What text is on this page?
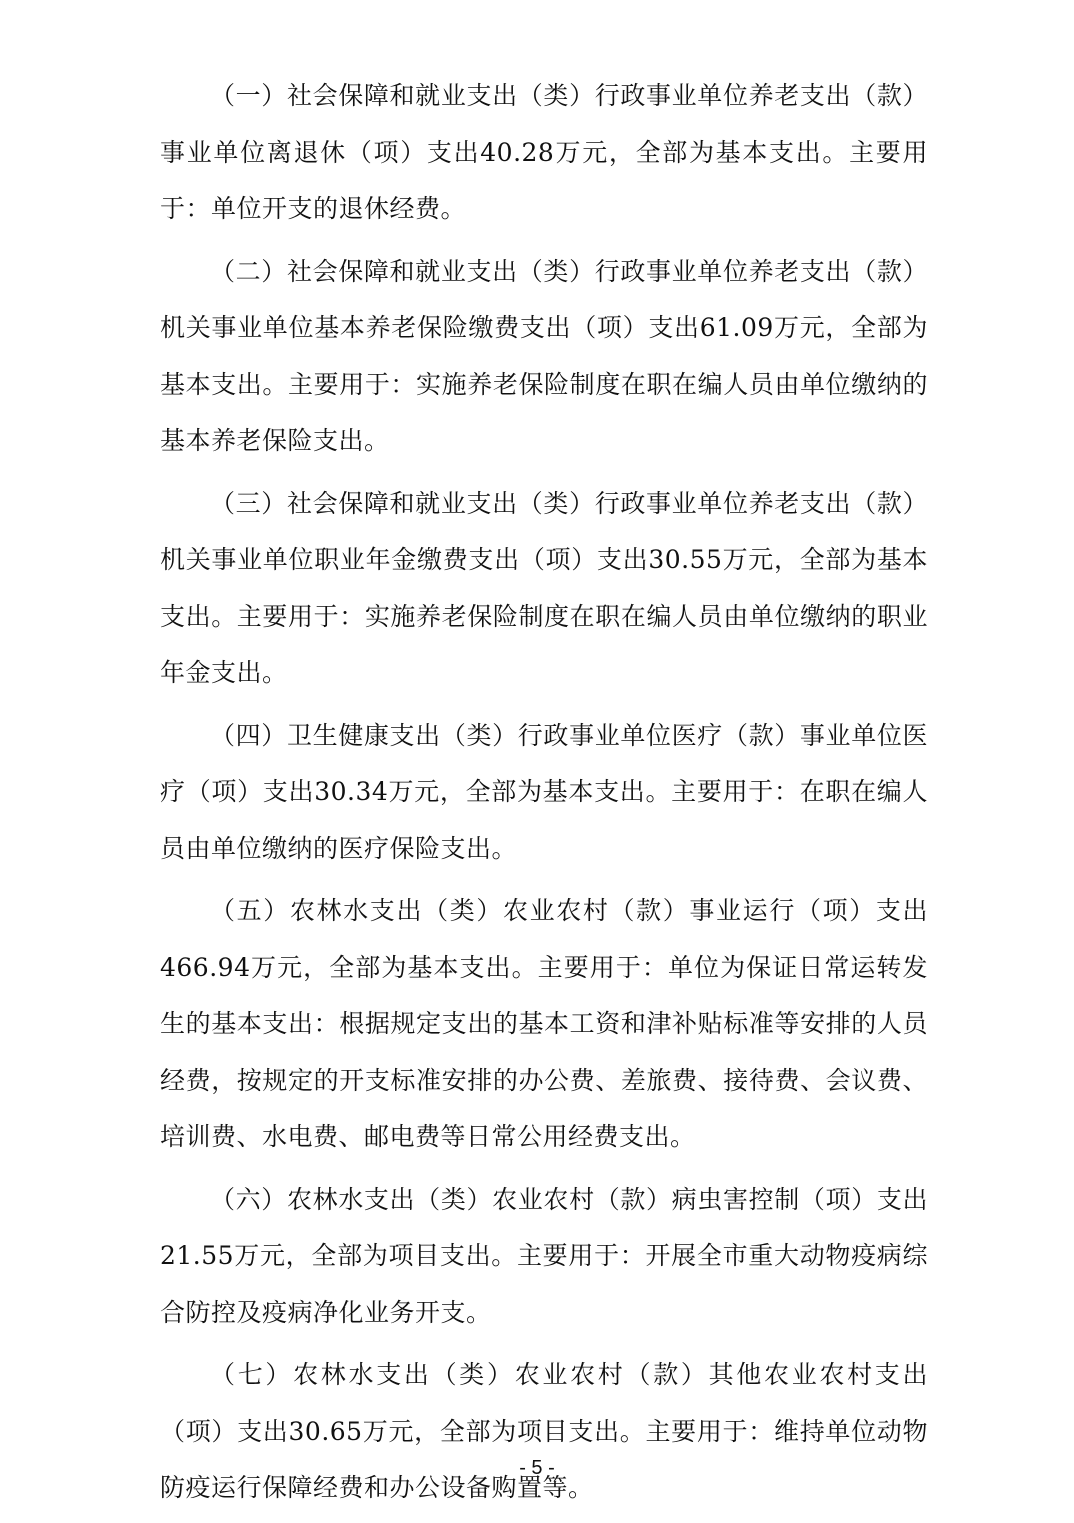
（一）社会保障和就业支出（类）行政事业单位养老支出（款）事业单位离退休（项）支出40.28万元，全部为基本支出。主要用于：单位开支的退休经费。

（二）社会保障和就业支出（类）行政事业单位养老支出（款）机关事业单位基本养老保险缴费支出（项）支出61.09万元，全部为基本支出。主要用于：实施养老保险制度在职在编人员由单位缴纳的基本养老保险支出。

（三）社会保障和就业支出（类）行政事业单位养老支出（款）机关事业单位职业年金缴费支出（项）支出30.55万元，全部为基本支出。主要用于：实施养老保险制度在职在编人员由单位缴纳的职业年金支出。

（四）卫生健康支出（类）行政事业单位医疗（款）事业单位医疗（项）支出30.34万元，全部为基本支出。主要用于：在职在编人员由单位缴纳的医疗保险支出。

（五）农林水支出（类）农业农村（款）事业运行（项）支出466.94万元，全部为基本支出。主要用于：单位为保证日常运转发生的基本支出：根据规定支出的基本工资和津补贴标准等安排的人员经费，按规定的开支标准安排的办公费、差旅费、接待费、会议费、培训费、水电费、邮电费等日常公用经费支出。

（六）农林水支出（类）农业农村（款）病虫害控制（项）支出21.55万元，全部为项目支出。主要用于：开展全市重大动物疫病综合防控及疫病净化业务开支。

（七）农林水支出（类）农业农村（款）其他农业农村支出（项）支出30.65万元，全部为项目支出。主要用于：维持单位动物防疫运行保障经费和办公设备购置等。

- 5 -
